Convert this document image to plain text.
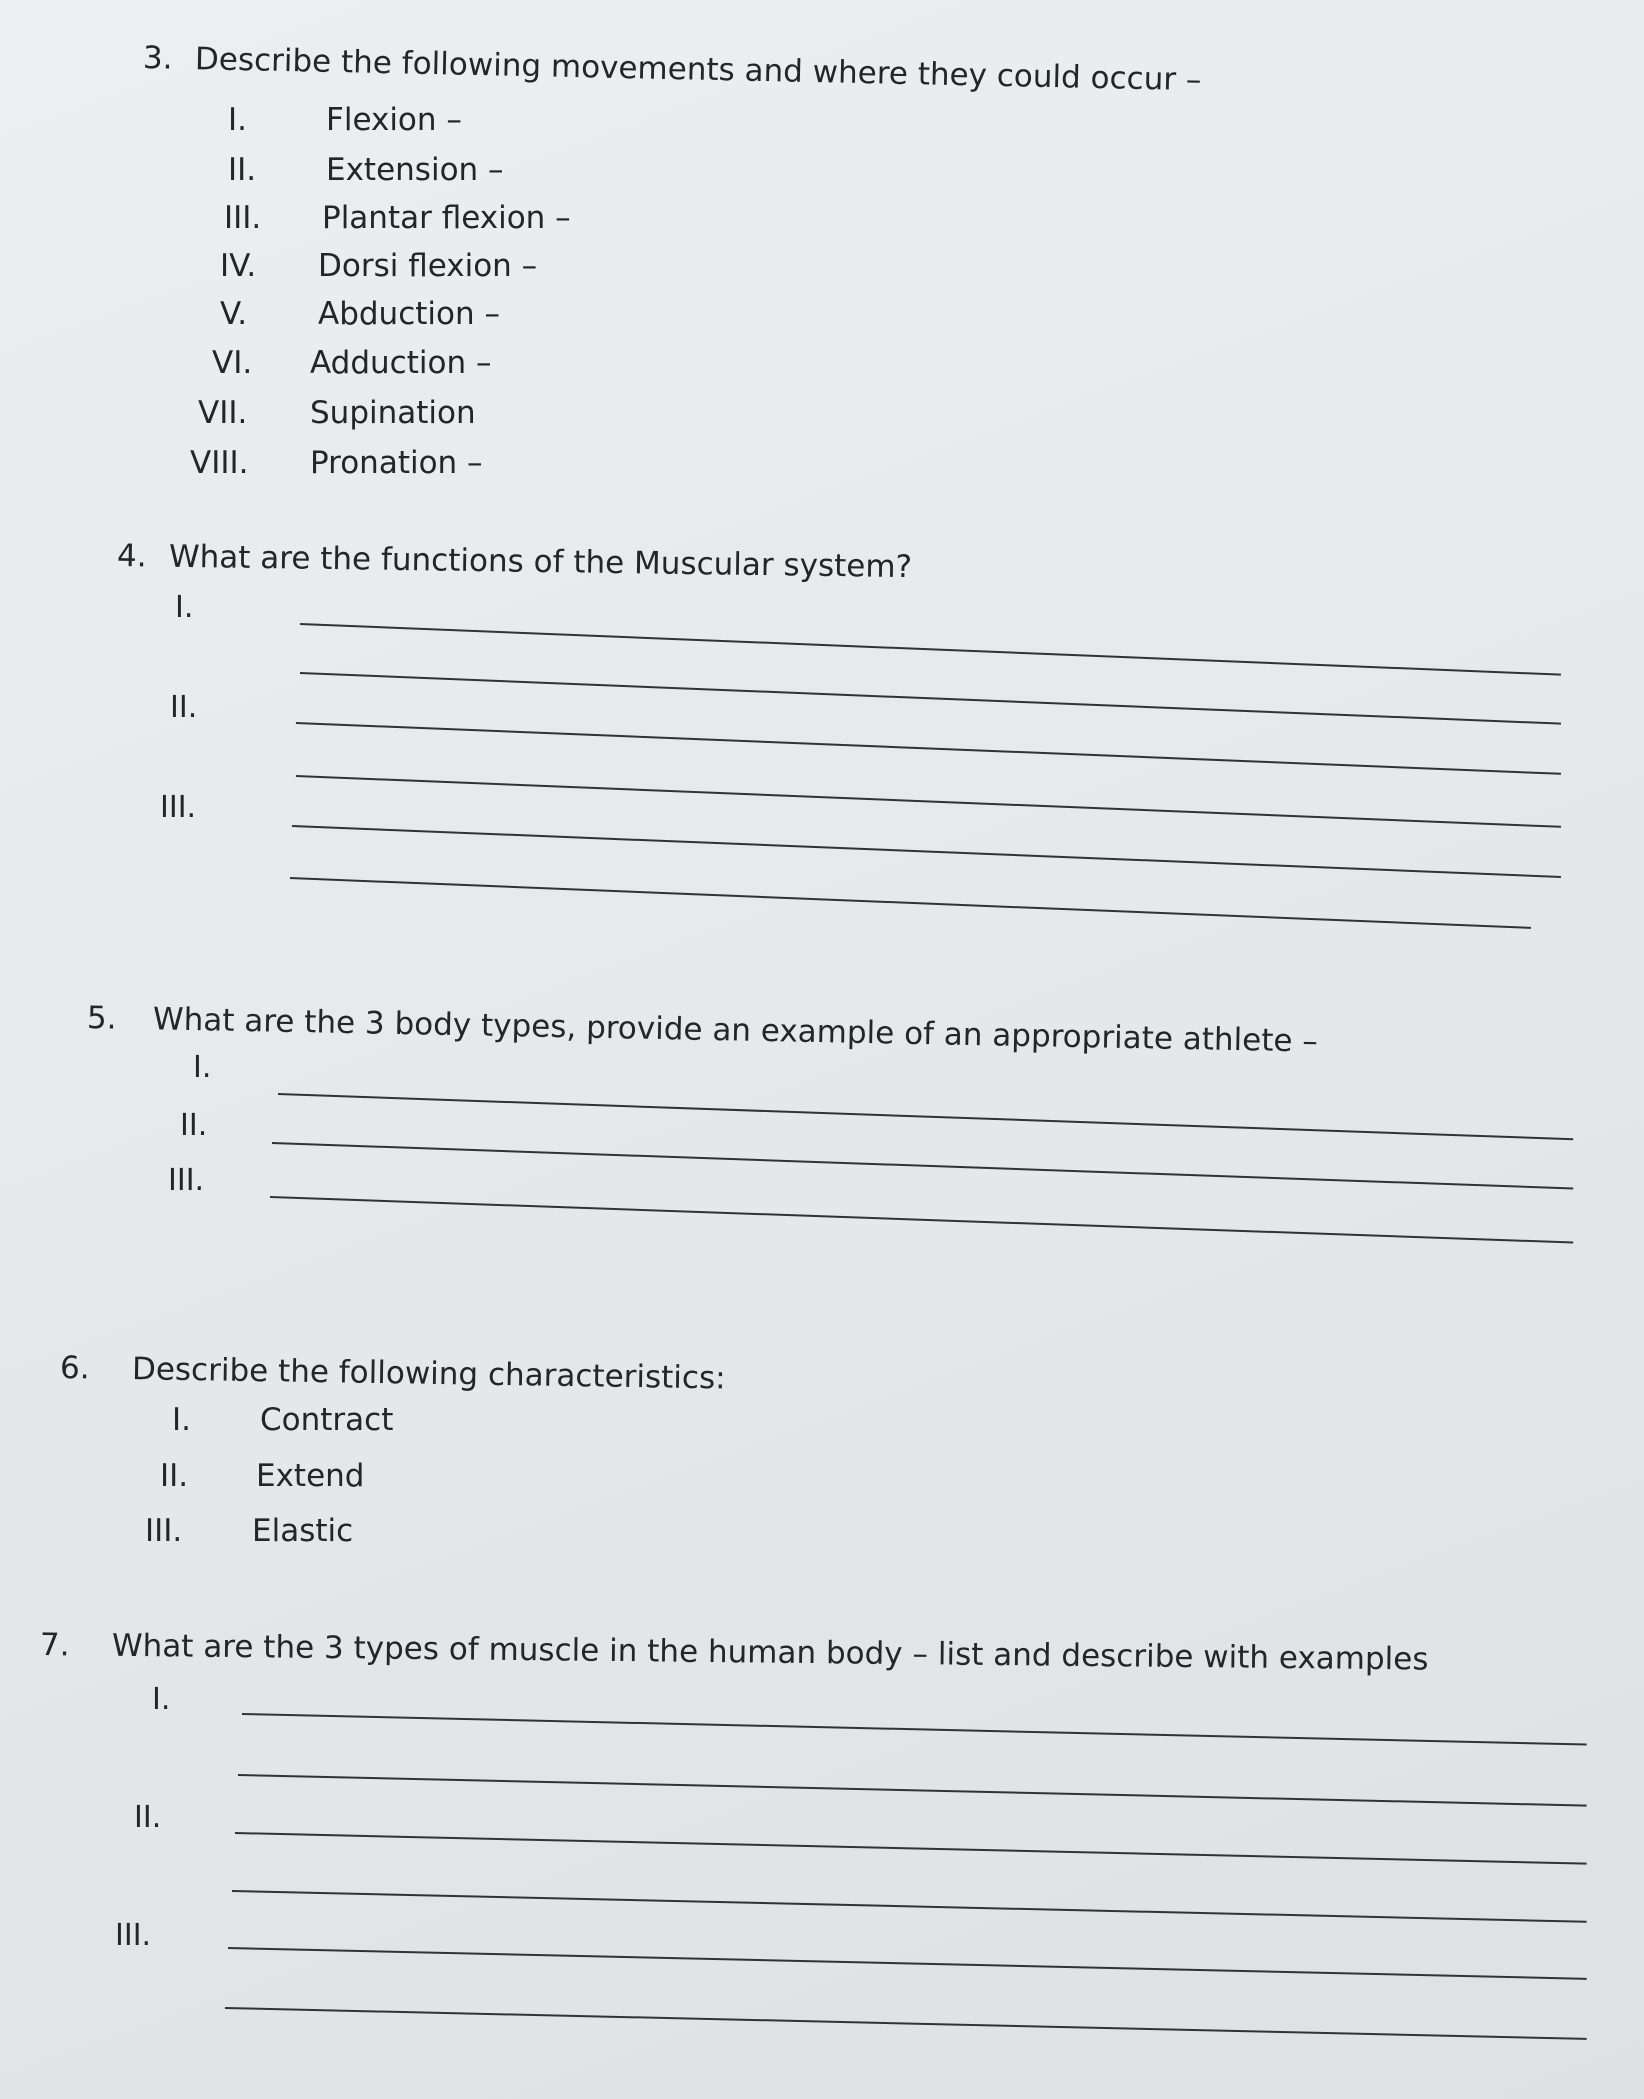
3. Describe the following movements and where they could occur –
I.	Flexion –
II. Extension –
III. Plantar flexion –
IV. Dorsi flexion –
V. Abduction –
VI. Adduction –
VII. Supination
VIII. Pronation –
4. What are the functions of the Muscular system?
I.
II.
III.
5. What are the 3 body types, provide an example of an appropriate athlete –
I.
II.
III.
6. Describe the following characteristics:
I. Contract
II. Extend
III. Elastic
7. What are the 3 types of muscle in the human body – list and describe with examples
I.
II.
III.
